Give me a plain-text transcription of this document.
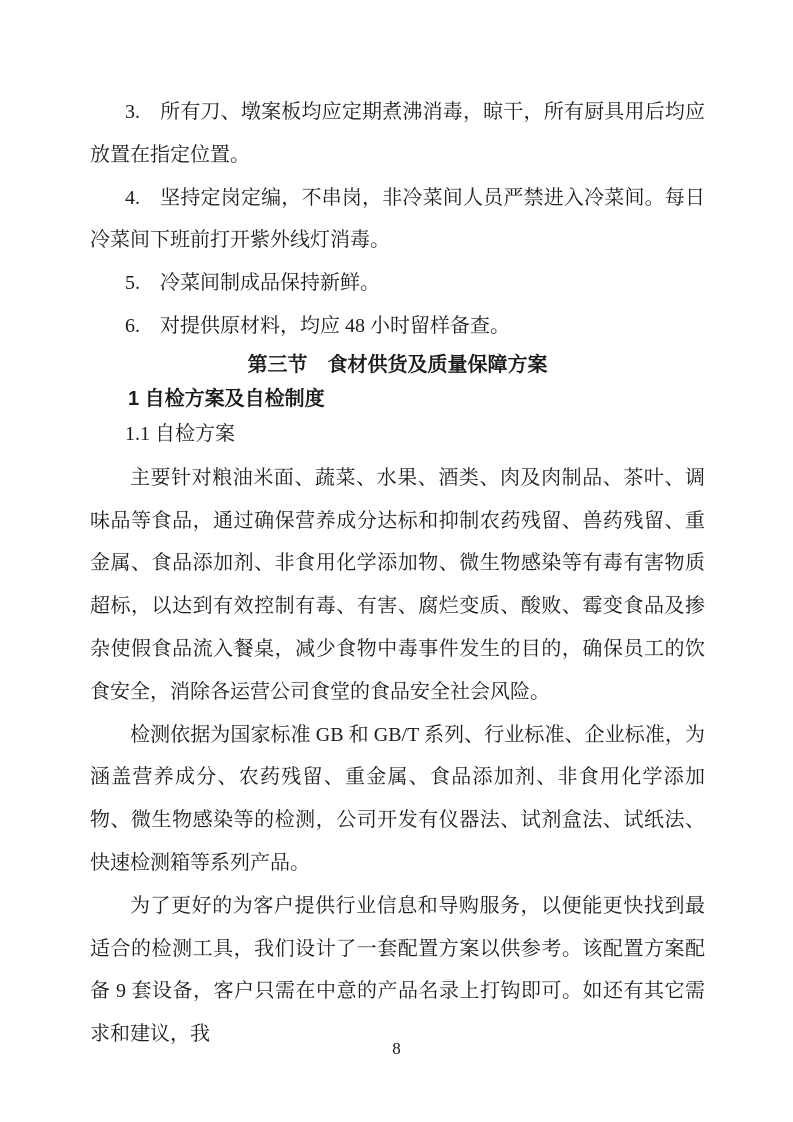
3. 所有刀、墩案板均应定期煮沸消毒，晾干，所有厨具用后均应放置在指定位置。

4. 坚持定岗定编，不串岗，非冷菜间人员严禁进入冷菜间。每日冷菜间下班前打开紫外线灯消毒。

5. 冷菜间制成品保持新鲜。

6. 对提供原材料，均应 48 小时留样备查。

第三节　食材供货及质量保障方案

1 自检方案及自检制度

1.1 自检方案

主要针对粮油米面、蔬菜、水果、酒类、肉及肉制品、茶叶、调味品等食品，通过确保营养成分达标和抑制农药残留、兽药残留、重金属、食品添加剂、非食用化学添加物、微生物感染等有毒有害物质超标，以达到有效控制有毒、有害、腐烂变质、酸败、霉变食品及掺杂使假食品流入餐桌，减少食物中毒事件发生的目的，确保员工的饮食安全，消除各运营公司食堂的食品安全社会风险。

检测依据为国家标准 GB 和 GB/T 系列、行业标准、企业标准，为涵盖营养成分、农药残留、重金属、食品添加剂、非食用化学添加物、微生物感染等的检测，公司开发有仪器法、试剂盒法、试纸法、快速检测箱等系列产品。

为了更好的为客户提供行业信息和导购服务，以便能更快找到最适合的检测工具，我们设计了一套配置方案以供参考。该配置方案配备 9 套设备，客户只需在中意的产品名录上打钩即可。如还有其它需求和建议，我

8
